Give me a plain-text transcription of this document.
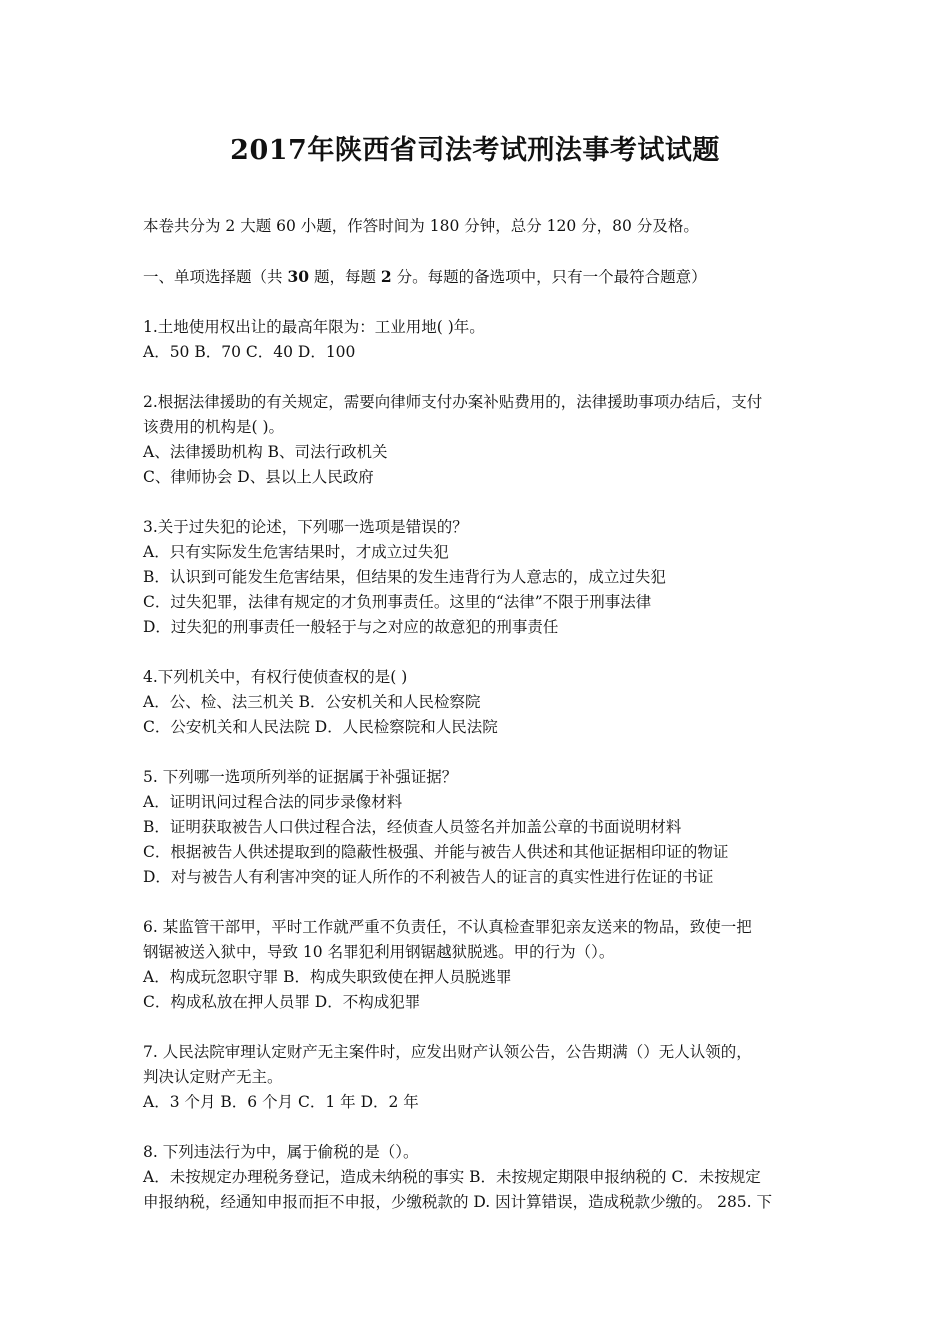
2017年陕西省司法考试刑法事考试试题

本卷共分为 2 大题 60 小题，作答时间为 180 分钟，总分 120 分，80 分及格。

一、单项选择题（共 30 题，每题 2 分。每题的备选项中，只有一个最符合题意）

1.土地使用权出让的最高年限为：工业用地( )年。

A．50 B．70 C．40 D．100

2.根据法律援助的有关规定，需要向律师支付办案补贴费用的，法律援助事项办结后，支付

该费用的机构是( )。

A、法律援助机构 B、司法行政机关

C、律师协会 D、县以上人民政府

3.关于过失犯的论述，下列哪一选项是错误的？

A．只有实际发生危害结果时，才成立过失犯

B．认识到可能发生危害结果，但结果的发生违背行为人意志的，成立过失犯

C．过失犯罪，法律有规定的才负刑事责任。这里的“法律”不限于刑事法律

D．过失犯的刑事责任一般轻于与之对应的故意犯的刑事责任

4.下列机关中，有权行使侦查权的是( )

A．公、检、法三机关 B．公安机关和人民检察院

C．公安机关和人民法院 D．人民检察院和人民法院

5. 下列哪一选项所列举的证据属于补强证据？

A．证明讯问过程合法的同步录像材料

B．证明获取被告人口供过程合法，经侦查人员签名并加盖公章的书面说明材料

C．根据被告人供述提取到的隐蔽性极强、并能与被告人供述和其他证据相印证的物证

D．对与被告人有利害冲突的证人所作的不利被告人的证言的真实性进行佐证的书证

6. 某监管干部甲，平时工作就严重不负责任，不认真检查罪犯亲友送来的物品，致使一把

钢锯被送入狱中，导致 10 名罪犯利用钢锯越狱脱逃。甲的行为（）。

A．构成玩忽职守罪 B．构成失职致使在押人员脱逃罪

C．构成私放在押人员罪 D．不构成犯罪

7. 人民法院审理认定财产无主案件时，应发出财产认领公告，公告期满（）无人认领的，

判决认定财产无主。

A．3 个月 B．6 个月 C．1 年 D．2 年

8. 下列违法行为中，属于偷税的是（）。

A．未按规定办理税务登记，造成未纳税的事实 B．未按规定期限申报纳税的 C．未按规定

申报纳税，经通知申报而拒不申报，少缴税款的 D. 因计算错误，造成税款少缴的。 285. 下
